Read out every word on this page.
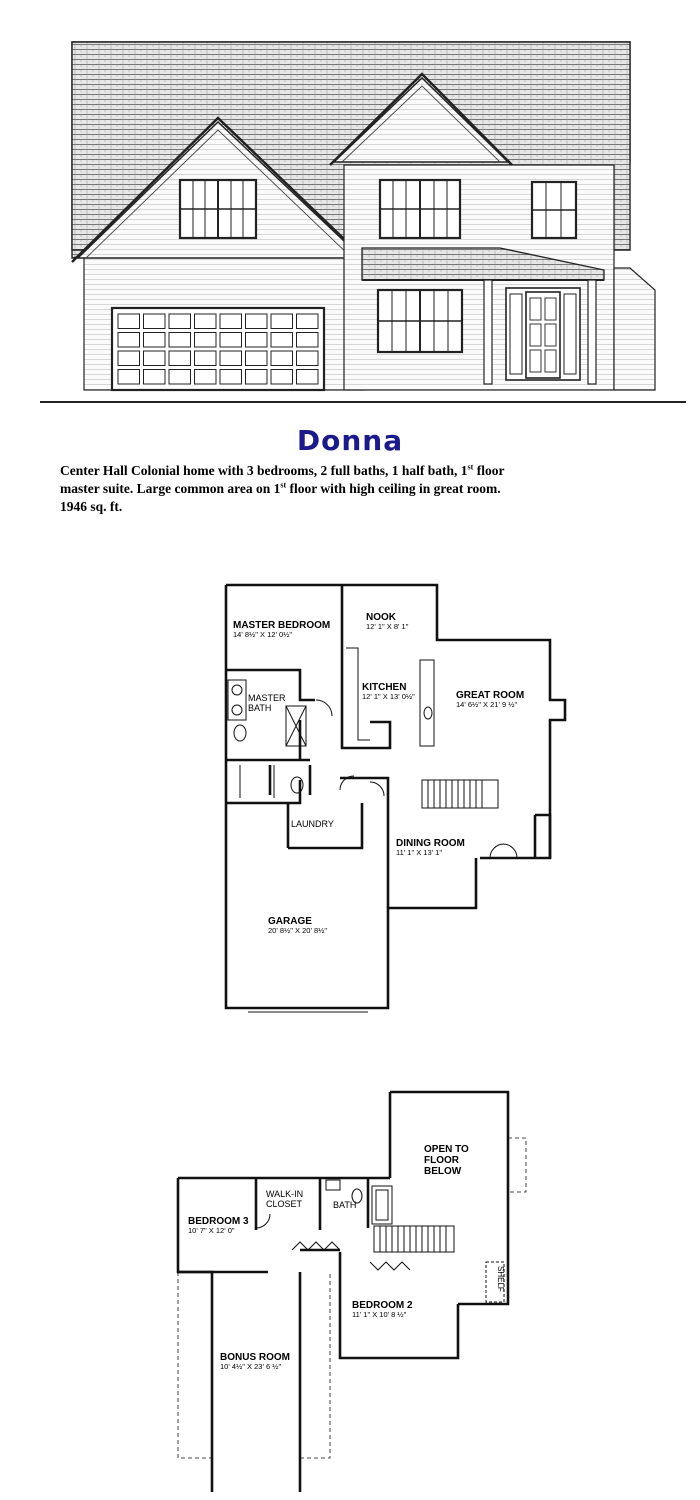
Donna

Center Hall Colonial home with 3 bedrooms, 2 full baths, 1 half bath, 1st floor
master suite. Large common area on 1st floor with high ceiling in great room.
1946 sq. ft.

MASTER BEDROOM
14' 8½" X 12' 0½"
NOOK
12' 1" X 8' 1"
KITCHEN
12' 1" X 13' 0½"	GREAT ROOM
14' 6½" X 21' 9 ½"
MASTER
BATH
LAUNDRY
DINING ROOM
11' 1" X 13' 1"
GARAGE
20' 8½" X 20' 8½"
OPEN TO
FLOOR
BELOW
WALK-IN
CLOSET	BATH
BEDROOM 3
10' 7" X 12' 0"
BEDROOM 2
11' 1" X 10' 8 ½"
BONUS ROOM
10' 4½" X 23' 6 ½"
SHELF
